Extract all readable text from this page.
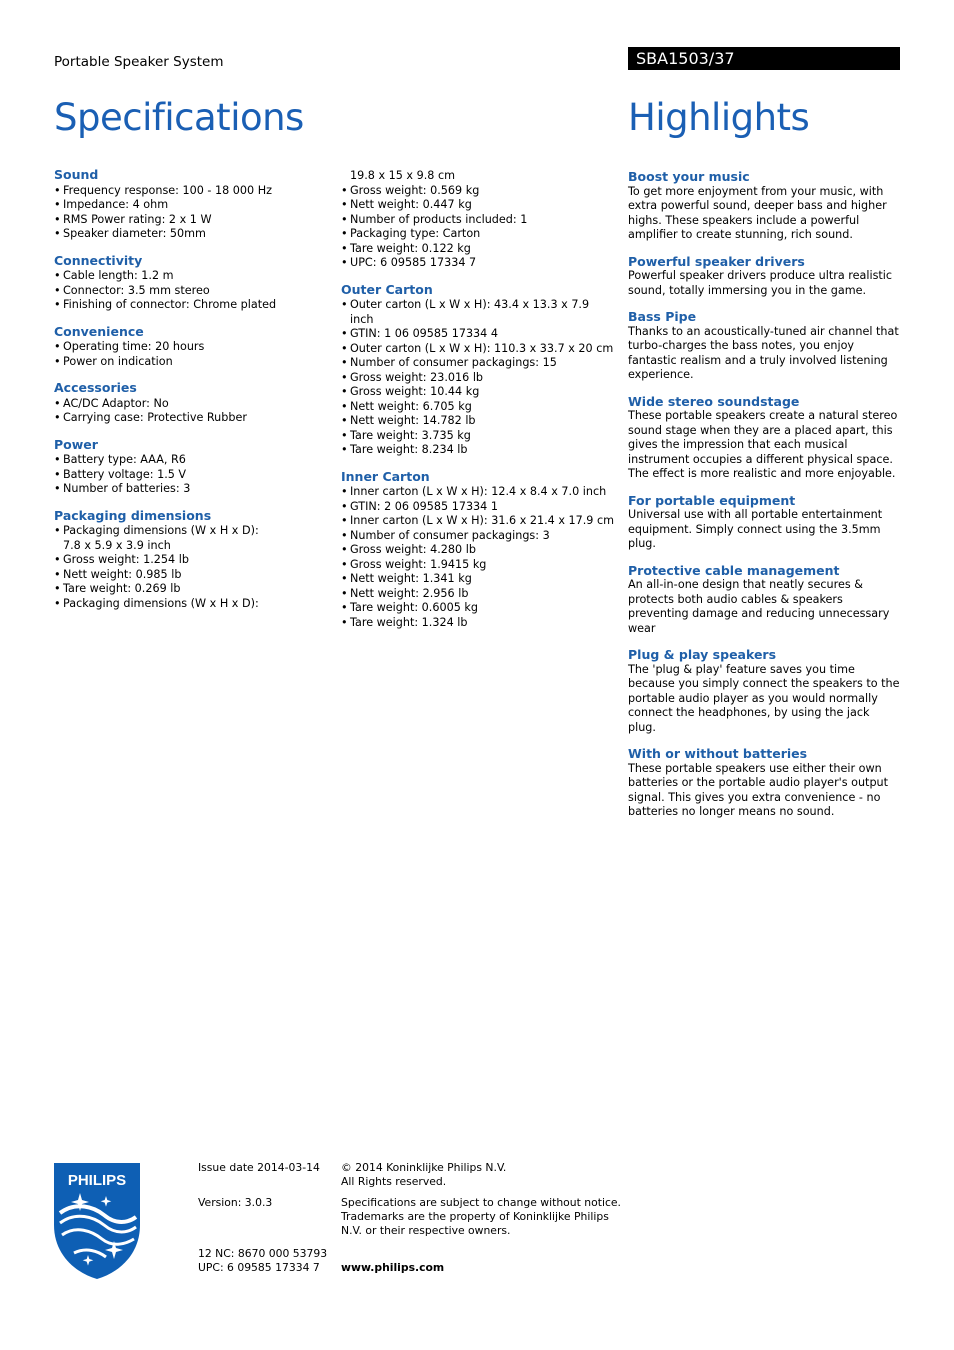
Portable Speaker System	SBA1503/37
Specifications	Highlights
Sound
• Frequency response: 100 - 18 000 Hz
• Impedance: 4 ohm
• RMS Power rating: 2 x 1 W
• Speaker diameter: 50mm
Connectivity
• Cable length: 1.2 m
• Connector: 3.5 mm stereo
• Finishing of connector: Chrome plated
Convenience
• Operating time: 20 hours
• Power on indication
Accessories
• AC/DC Adaptor: No
• Carrying case: Protective Rubber
Power
• Battery type: AAA, R6
• Battery voltage: 1.5 V
• Number of batteries: 3
Packaging dimensions
• Packaging dimensions (W x H x D):
7.8 x 5.9 x 3.9 inch
• Gross weight: 1.254 lb
• Nett weight: 0.985 lb
• Tare weight: 0.269 lb
• Packaging dimensions (W x H x D):
19.8 x 15 x 9.8 cm
• Gross weight: 0.569 kg
• Nett weight: 0.447 kg
• Number of products included: 1
• Packaging type: Carton
• Tare weight: 0.122 kg
• UPC: 6 09585 17334 7
Outer Carton
• Outer carton (L x W x H): 43.4 x 13.3 x 7.9 inch
• GTIN: 1 06 09585 17334 4
• Outer carton (L x W x H): 110.3 x 33.7 x 20 cm
• Number of consumer packagings: 15
• Gross weight: 23.016 lb
• Gross weight: 10.44 kg
• Nett weight: 6.705 kg
• Nett weight: 14.782 lb
• Tare weight: 3.735 kg
• Tare weight: 8.234 lb
Inner Carton
• Inner carton (L x W x H): 12.4 x 8.4 x 7.0 inch
• GTIN: 2 06 09585 17334 1
• Inner carton (L x W x H): 31.6 x 21.4 x 17.9 cm
• Number of consumer packagings: 3
• Gross weight: 4.280 lb
• Gross weight: 1.9415 kg
• Nett weight: 1.341 kg
• Nett weight: 2.956 lb
• Tare weight: 0.6005 kg
• Tare weight: 1.324 lb
Boost your music

To get more enjoyment from your music, with extra powerful sound, deeper bass and higher highs. These speakers include a powerful amplifier to create stunning, rich sound.

Powerful speaker drivers

Powerful speaker drivers produce ultra realistic sound, totally immersing you in the game.

Bass Pipe

Thanks to an acoustically-tuned air channel that turbo-charges the bass notes, you enjoy fantastic realism and a truly involved listening experience.

Wide stereo soundstage

These portable speakers create a natural stereo sound stage when they are a placed apart, this gives the impression that each musical instrument occupies a different physical space. The effect is more realistic and more enjoyable.

For portable equipment

Universal use with all portable entertainment equipment. Simply connect using the 3.5mm plug.

Protective cable management

An all-in-one design that neatly secures & protects both audio cables & speakers preventing damage and reducing unnecessary wear

Plug & play speakers

The 'plug & play' feature saves you time because you simply connect the speakers to the portable audio player as you would normally connect the headphones, by using the jack plug.

With or without batteries

These portable speakers use either their own batteries or the portable audio player's output signal. This gives you extra convenience - no batteries no longer means no sound.

PHILIPS
Issue date 2014-03-14
Version: 3.0.3
12 NC: 8670 000 53793
UPC: 6 09585 17334 7
© 2014 Koninklijke Philips N.V.
All Rights reserved.
Specifications are subject to change without notice. Trademarks are the property of Koninklijke Philips N.V. or their respective owners.
www.philips.com
